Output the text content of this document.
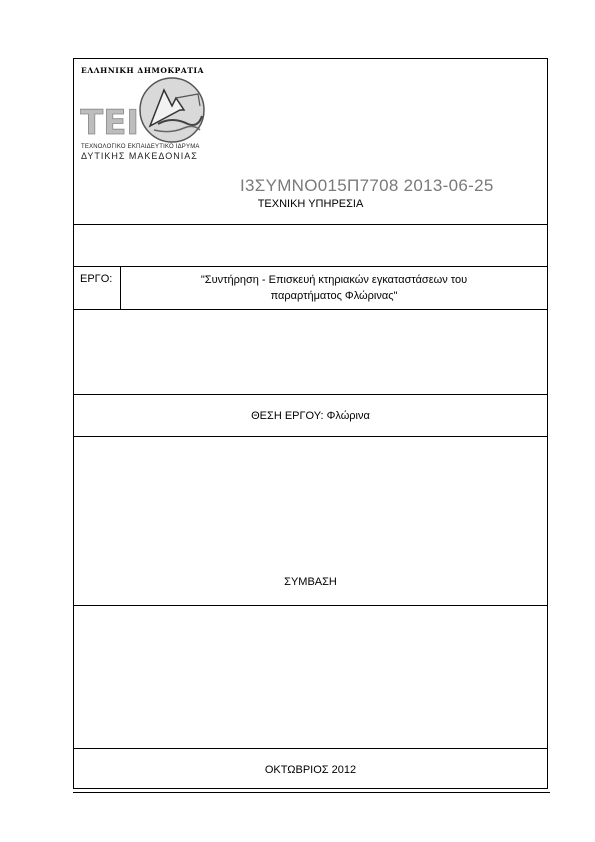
ΕΛΛΗΝΙΚΗ ΔΗΜΟΚΡΑΤΙΑ
TEI
ΤΕΧΝΟΛΟΓΙΚΟ ΕΚΠΑΙΔΕΥΤΙΚΟ ΙΔΡΥΜΑ
ΔΥΤΙΚΗΣ ΜΑΚΕΔΟΝΙΑΣ
Ι3ΣΥΜΝΟ015Π7708 2013-06-25
ΤΕΧΝΙΚΗ ΥΠΗΡΕΣΙΑ
ΕΡΓΟ:	"Συντήρηση - Επισκευή κτηριακών εγκαταστάσεων του
παραρτήματος Φλώρινας"
ΘΕΣΗ ΕΡΓΟΥ: Φλώρινα
ΣΥΜΒΑΣΗ
ΟΚΤΩΒΡΙΟΣ 2012
